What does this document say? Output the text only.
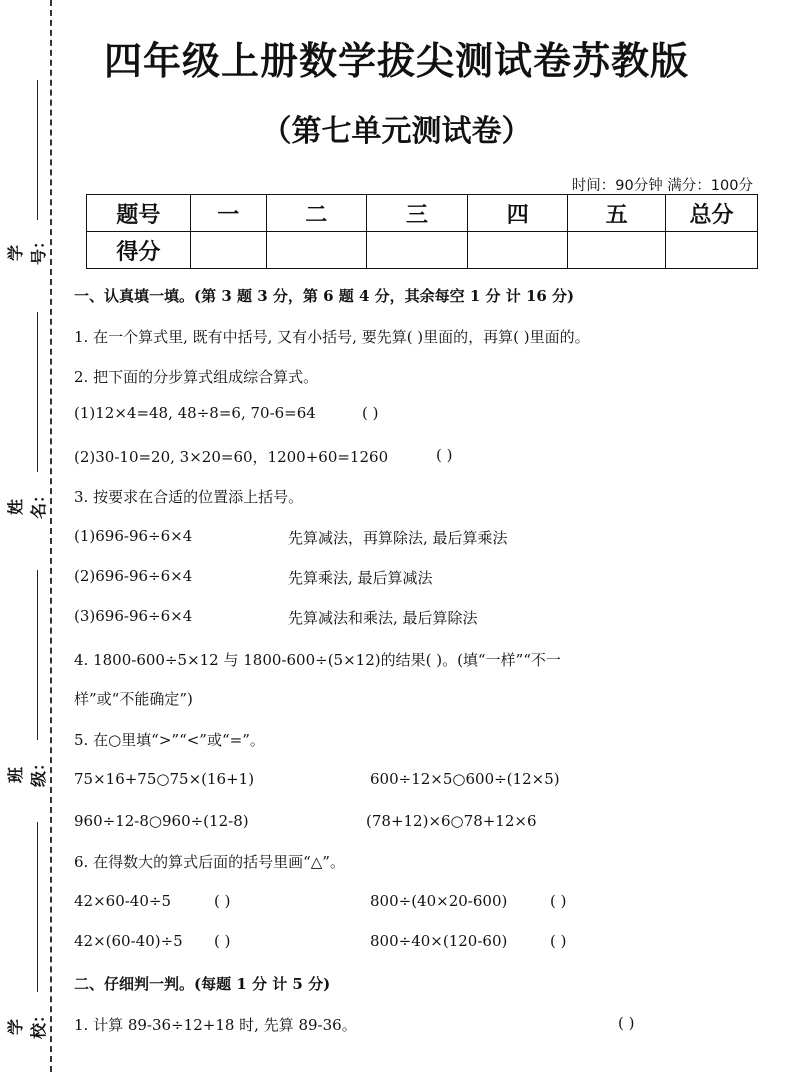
学号：
姓名：
班级：
学校：
四年级上册数学拔尖测试卷苏教版
（第七单元测试卷）
时间：90分钟 满分：100分
题号	一	二	三	四	五	总分
得分						
一、认真填一填。(第 3 题 3 分，第 6 题 4 分，其余每空 1 分 计 16 分)
1. 在一个算式里, 既有中括号, 又有小括号, 要先算( )里面的，再算( )里面的。
2. 把下面的分步算式组成综合算式。
(1)12×4=48, 48÷8=6, 70-6=64	( )
(2)30-10=20, 3×20=60，1200+60=1260	( )
3. 按要求在合适的位置添上括号。
(1)696-96÷6×4	先算减法，再算除法, 最后算乘法
(2)696-96÷6×4	先算乘法, 最后算减法
(3)696-96÷6×4	先算减法和乘法, 最后算除法
4. 1800-600÷5×12 与 1800-600÷(5×12)的结果( )。(填“一样”“不一
样”或“不能确定”)
5. 在○里填“>”“<”或“=”。
75×16+75○75×(16+1)	600÷12×5○600÷(12×5)
960÷12-8○960÷(12-8)	(78+12)×6○78+12×6
6. 在得数大的算式后面的括号里画“△”。
42×60-40÷5	( )	800÷(40×20-600)	( )
42×(60-40)÷5 ( )	800÷40×(120-60)	( )
二、仔细判一判。(每题 1 分 计 5 分)
1. 计算 89-36÷12+18 时, 先算 89-36。	( )
